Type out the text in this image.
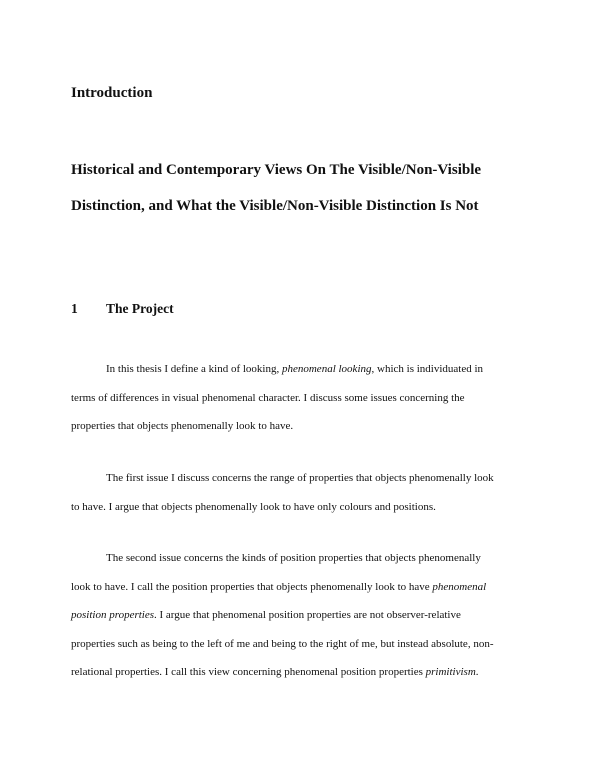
Introduction
Historical and Contemporary Views On The Visible/Non-Visible
Distinction, and What the Visible/Non-Visible Distinction Is Not
1 The Project
In this thesis I define a kind of looking, phenomenal looking, which is individuated in
terms of differences in visual phenomenal character. I discuss some issues concerning the
properties that objects phenomenally look to have.
The first issue I discuss concerns the range of properties that objects phenomenally look
to have. I argue that objects phenomenally look to have only colours and positions.
The second issue concerns the kinds of position properties that objects phenomenally
look to have. I call the position properties that objects phenomenally look to have phenomenal
position properties. I argue that phenomenal position properties are not observer-relative
properties such as being to the left of me and being to the right of me, but instead absolute, non-
relational properties. I call this view concerning phenomenal position properties primitivism.
